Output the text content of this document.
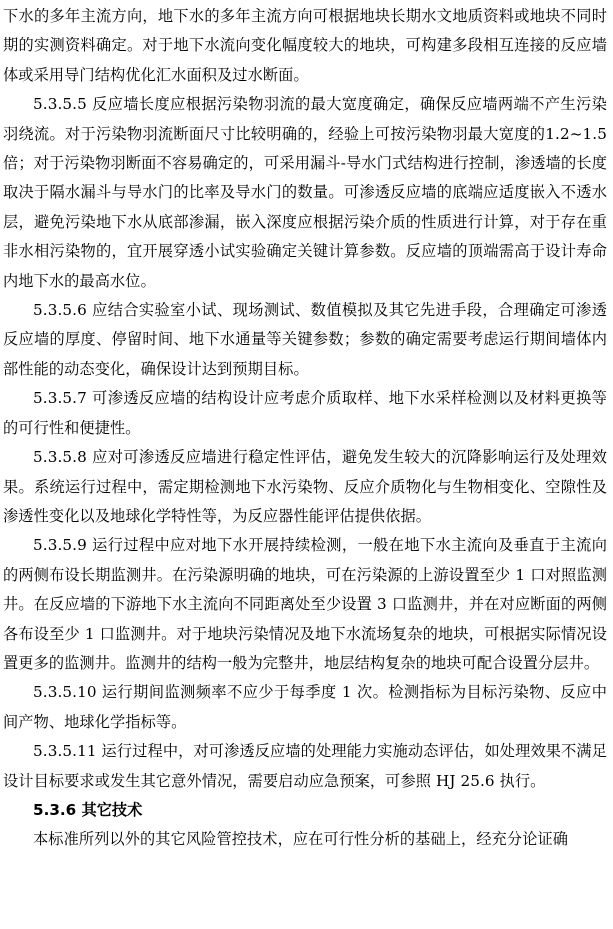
下水的多年主流方向，地下水的多年主流方向可根据地块长期水文地质资料或地块不同时期的实测资料确定。对于地下水流向变化幅度较大的地块，可构建多段相互连接的反应墙体或采用导门结构优化汇水面积及过水断面。

5.3.5.5 反应墙长度应根据污染物羽流的最大宽度确定，确保反应墙两端不产生污染羽绕流。对于污染物羽流断面尺寸比较明确的，经验上可按污染物羽最大宽度的1.2~1.5 倍；对于污染物羽断面不容易确定的，可采用漏斗-导水门式结构进行控制，渗透墙的长度取决于隔水漏斗与导水门的比率及导水门的数量。可渗透反应墙的底端应适度嵌入不透水层，避免污染地下水从底部渗漏，嵌入深度应根据污染介质的性质进行计算，对于存在重非水相污染物的，宜开展穿透小试实验确定关键计算参数。反应墙的顶端需高于设计寿命内地下水的最高水位。

5.3.5.6 应结合实验室小试、现场测试、数值模拟及其它先进手段，合理确定可渗透反应墙的厚度、停留时间、地下水通量等关键参数；参数的确定需要考虑运行期间墙体内部性能的动态变化，确保设计达到预期目标。

5.3.5.7 可渗透反应墙的结构设计应考虑介质取样、地下水采样检测以及材料更换等的可行性和便捷性。

5.3.5.8 应对可渗透反应墙进行稳定性评估，避免发生较大的沉降影响运行及处理效果。系统运行过程中，需定期检测地下水污染物、反应介质物化与生物相变化、空隙性及渗透性变化以及地球化学特性等，为反应器性能评估提供依据。

5.3.5.9 运行过程中应对地下水开展持续检测，一般在地下水主流向及垂直于主流向的两侧布设长期监测井。在污染源明确的地块，可在污染源的上游设置至少 1 口对照监测井。在反应墙的下游地下水主流向不同距离处至少设置 3 口监测井，并在对应断面的两侧各布设至少 1 口监测井。对于地块污染情况及地下水流场复杂的地块，可根据实际情况设置更多的监测井。监测井的结构一般为完整井，地层结构复杂的地块可配合设置分层井。

5.3.5.10 运行期间监测频率不应少于每季度 1 次。检测指标为目标污染物、反应中间产物、地球化学指标等。

5.3.5.11 运行过程中，对可渗透反应墙的处理能力实施动态评估，如处理效果不满足设计目标要求或发生其它意外情况，需要启动应急预案，可参照 HJ 25.6 执行。

5.3.6 其它技术

本标准所列以外的其它风险管控技术，应在可行性分析的基础上，经充分论证确
